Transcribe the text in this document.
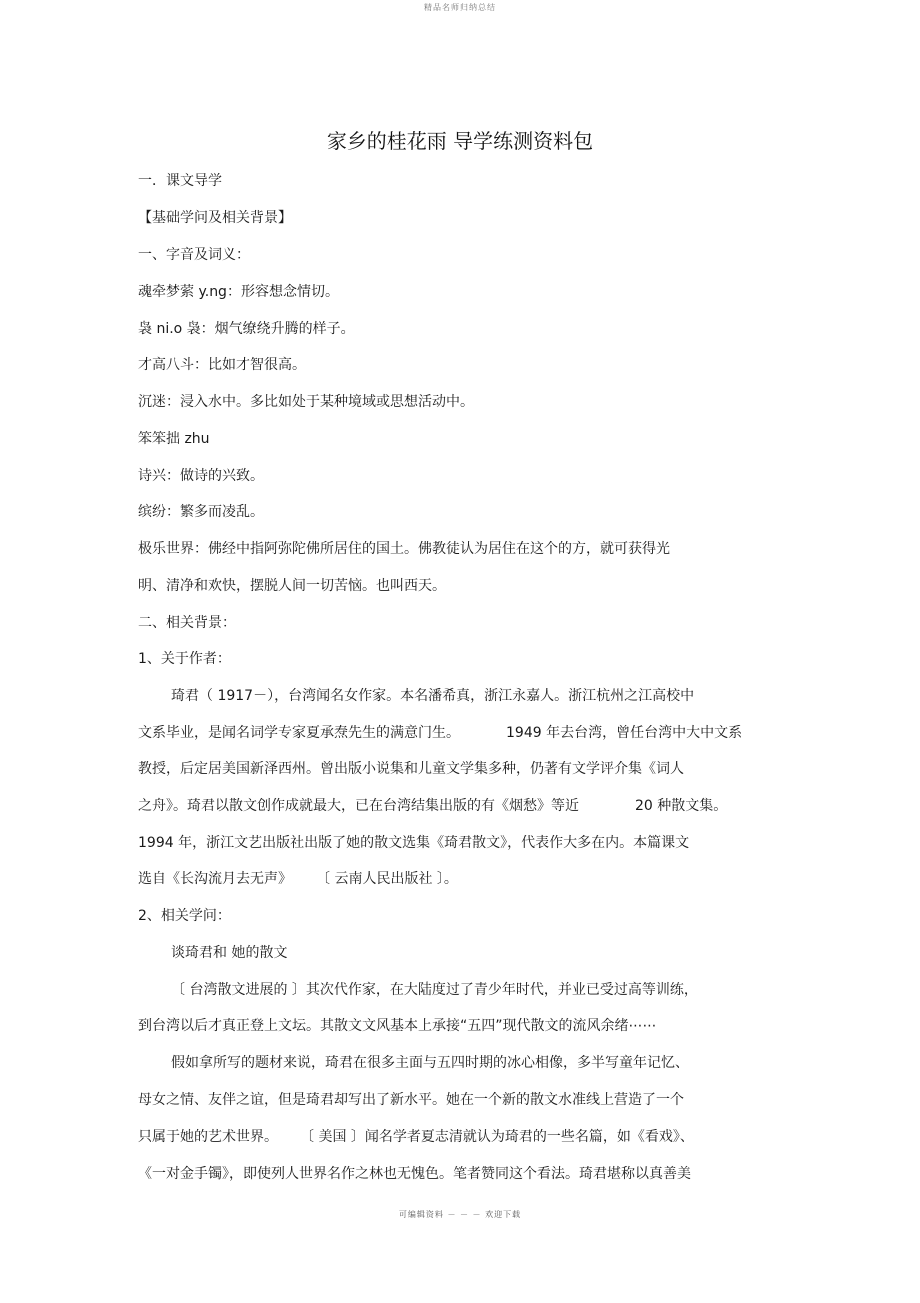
精品名师归纳总结
家乡的桂花雨 导学练测资料包
一．课文导学
【基础学问及相关背景】
一、字音及词义：
魂牵梦萦 y.ng：形容想念情切。
袅 ni.o 袅：烟气缭绕升腾的样子。
才高八斗：比如才智很高。
沉迷：浸入水中。多比如处于某种境域或思想活动中。
笨笨拙 zhu
诗兴：做诗的兴致。
缤纷：繁多而凌乱。
极乐世界：佛经中指阿弥陀佛所居住的国土。佛教徒认为居住在这个的方，就可获得光
明、清净和欢快，摆脱人间一切苦恼。也叫西天。
二、相关背景：
1、关于作者：
琦君（ 1917－），台湾闻名女作家。本名潘希真，浙江永嘉人。浙江杭州之江高校中
文系毕业，是闻名词学专家夏承焘先生的满意门生。	1949 年去台湾，曾任台湾中大中文系
教授，后定居美国新泽西州。曾出版小说集和儿童文学集多种，仍著有文学评介集《词人
之舟》。琦君以散文创作成就最大，已在台湾结集出版的有《烟愁》等近	20 种散文集。
1994 年，浙江文艺出版社出版了她的散文选集《琦君散文》，代表作大多在内。本篇课文
选自《长沟流月去无声》 〔 云南人民出版社 〕。
2、相关学问：
谈琦君和 她的散文
〔 台湾散文进展的 〕其次代作家，在大陆度过了青少年时代，并业已受过高等训练，
到台湾以后才真正登上文坛。其散文文风基本上承接“五四”现代散文的流风余绪⋯⋯
假如拿所写的题材来说，琦君在很多主面与五四时期的冰心相像，多半写童年记忆、
母女之情、友伴之谊，但是琦君却写出了新水平。她在一个新的散文水准线上营造了一个
只属于她的艺术世界。 〔 美国 〕闻名学者夏志清就认为琦君的一些名篇，如《看戏》、
《一对金手镯》，即使列人世界名作之林也无愧色。笔者赞同这个看法。琦君堪称以真善美
可编辑资料 － － － 欢迎下载
